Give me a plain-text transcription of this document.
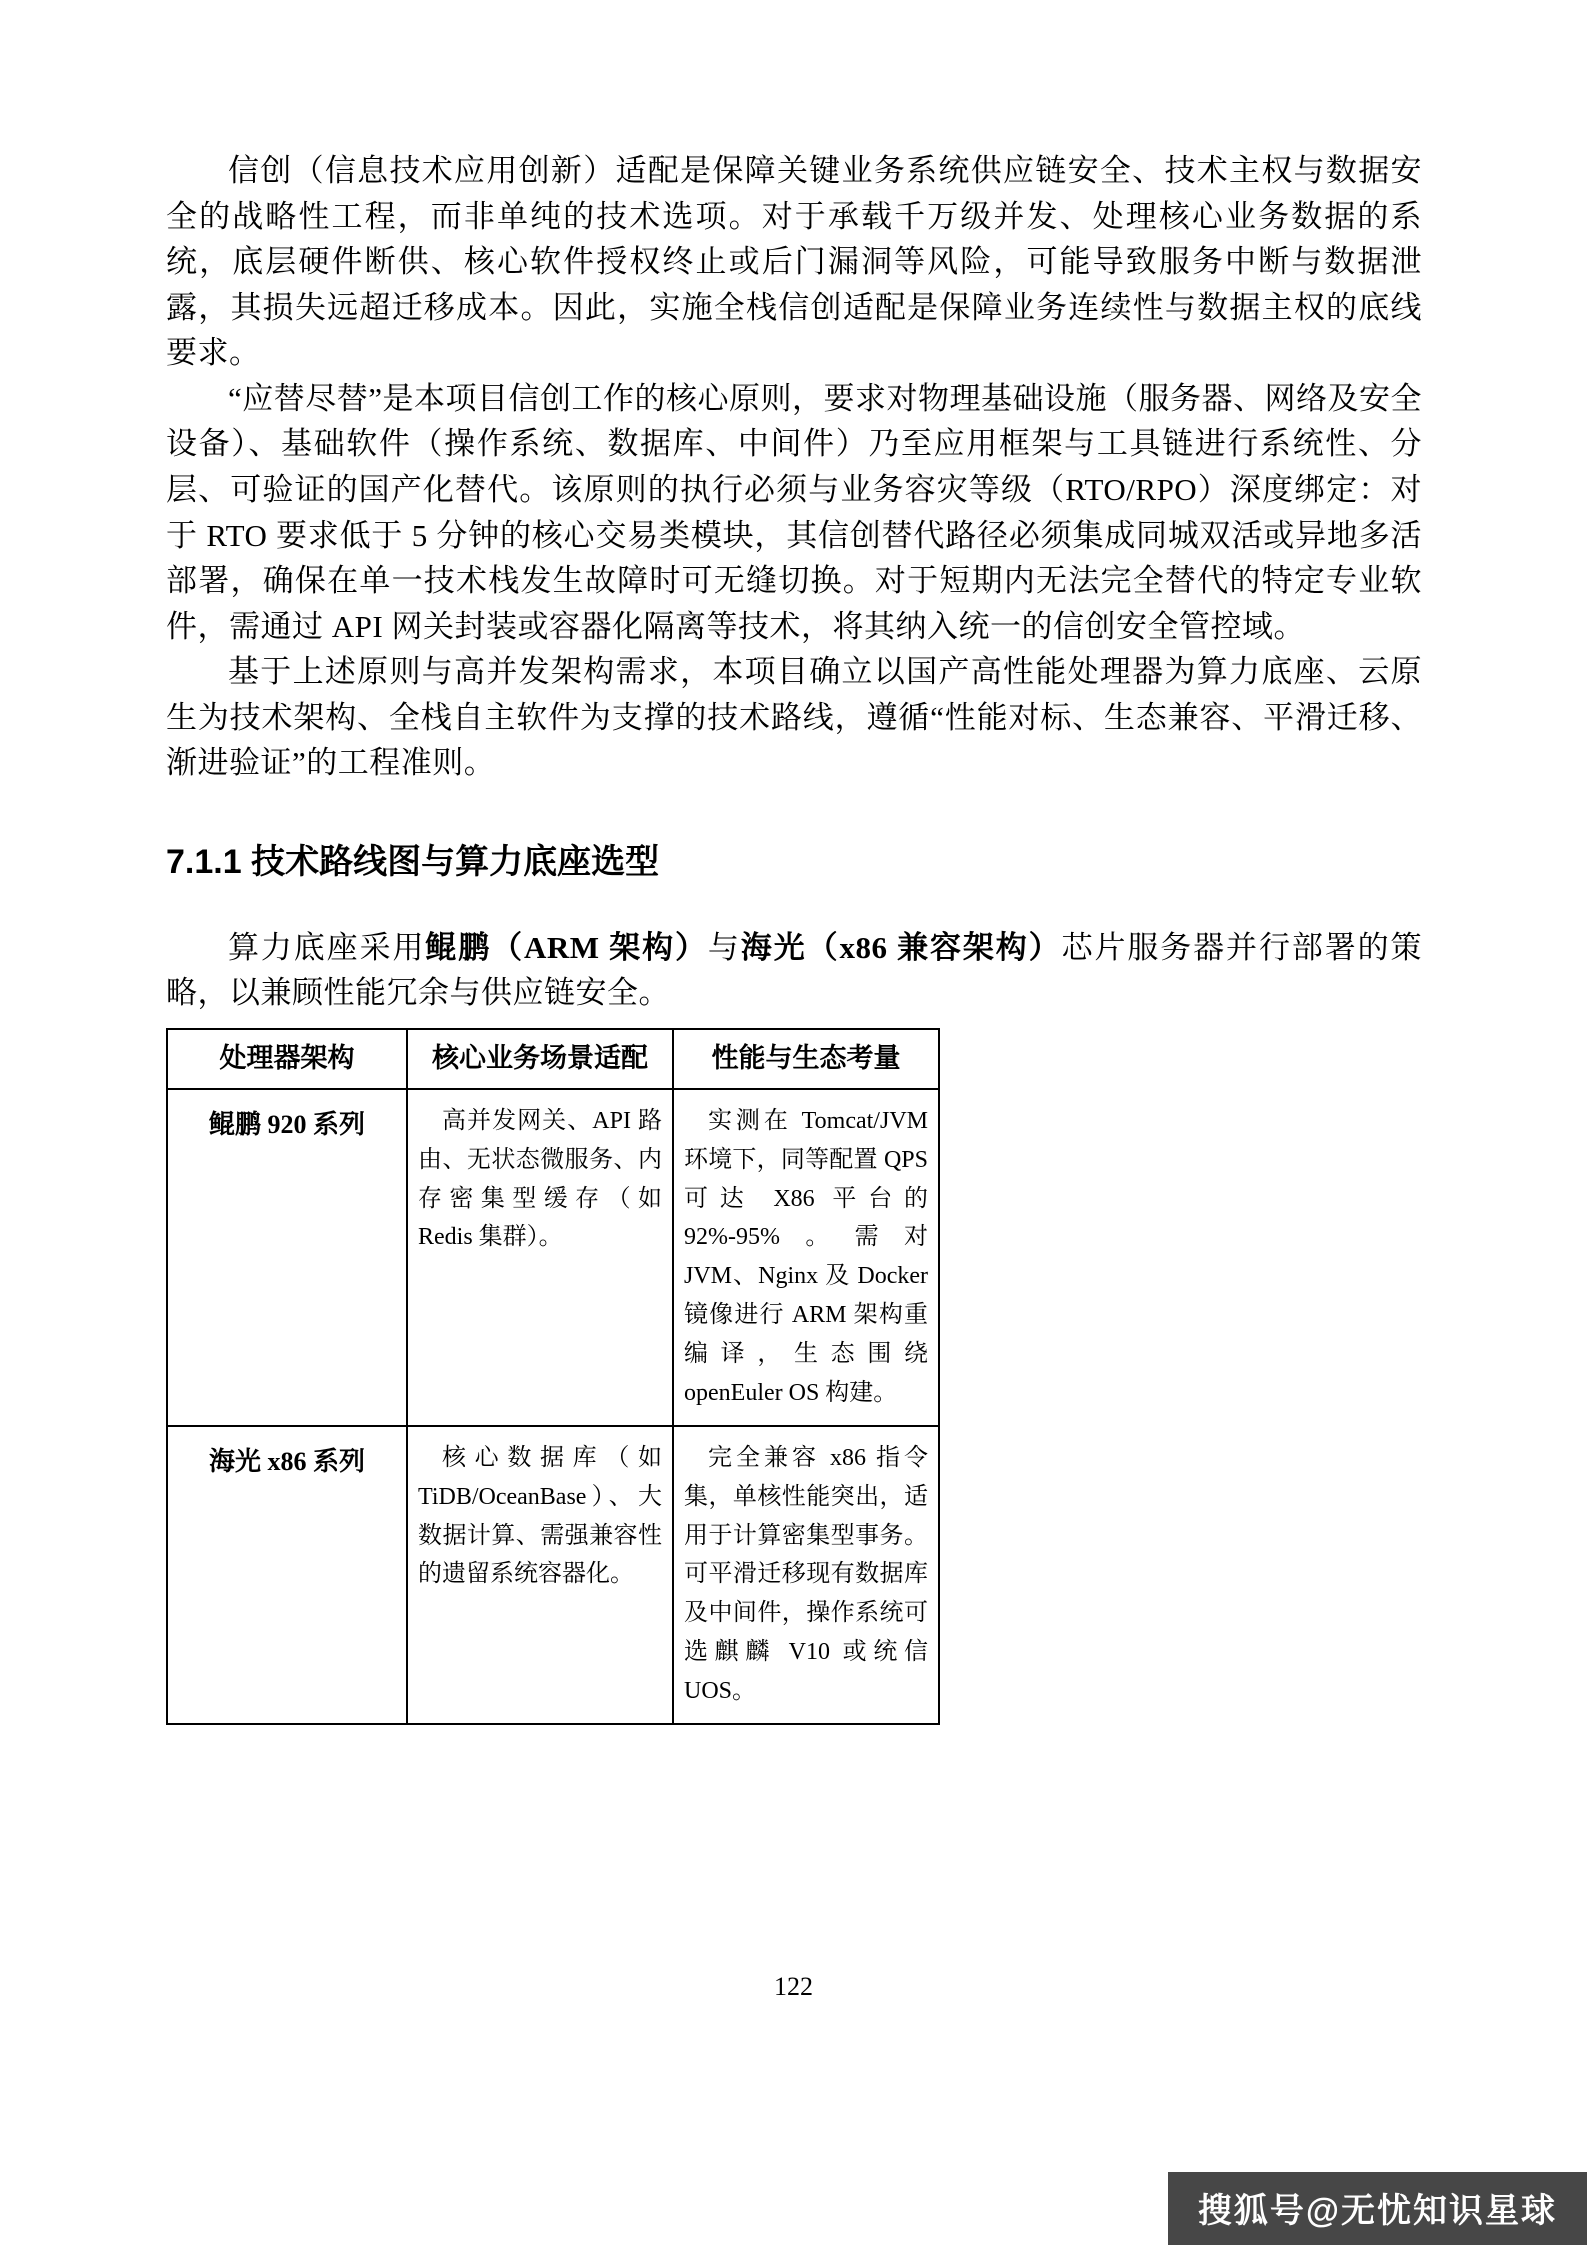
信创（信息技术应用创新）适配是保障关键业务系统供应链安全、技术主权与数据安全的战略性工程，而非单纯的技术选项。对于承载千万级并发、处理核心业务数据的系统，底层硬件断供、核心软件授权终止或后门漏洞等风险，可能导致服务中断与数据泄露，其损失远超迁移成本。因此，实施全栈信创适配是保障业务连续性与数据主权的底线要求。

“应替尽替”是本项目信创工作的核心原则，要求对物理基础设施（服务器、网络及安全设备）、基础软件（操作系统、数据库、中间件）乃至应用框架与工具链进行系统性、分层、可验证的国产化替代。该原则的执行必须与业务容灾等级（RTO/RPO）深度绑定：对于 RTO 要求低于 5 分钟的核心交易类模块，其信创替代路径必须集成同城双活或异地多活部署，确保在单一技术栈发生故障时可无缝切换。对于短期内无法完全替代的特定专业软件，需通过 API 网关封装或容器化隔离等技术，将其纳入统一的信创安全管控域。

基于上述原则与高并发架构需求，本项目确立以国产高性能处理器为算力底座、云原生为技术架构、全栈自主软件为支撑的技术路线，遵循“性能对标、生态兼容、平滑迁移、渐进验证”的工程准则。

7.1.1 技术路线图与算力底座选型

算力底座采用鲲鹏（ARM 架构）与海光（x86 兼容架构）芯片服务器并行部署的策略，以兼顾性能冗余与供应链安全。

处理器架构	核心业务场景适配	性能与生态考量
鲲鹏 920 系列	高并发网关、API 路由、无状态微服务、内存密集型缓存（如 Redis 集群）。	实测在 Tomcat/JVM 环境下，同等配置 QPS 可达 X86 平台的 92%-95%。需对 JVM、Nginx 及 Docker 镜像进行 ARM 架构重编译，生态围绕 openEuler OS 构建。
海光 x86 系列	核心数据库（如 TiDB/OceanBase）、大数据计算、需强兼容性的遗留系统容器化。	完全兼容 x86 指令集，单核性能突出，适用于计算密集型事务。可平滑迁移现有数据库及中间件，操作系统可选麒麟 V10 或统信 UOS。
122
搜狐号@无忧知识星球
